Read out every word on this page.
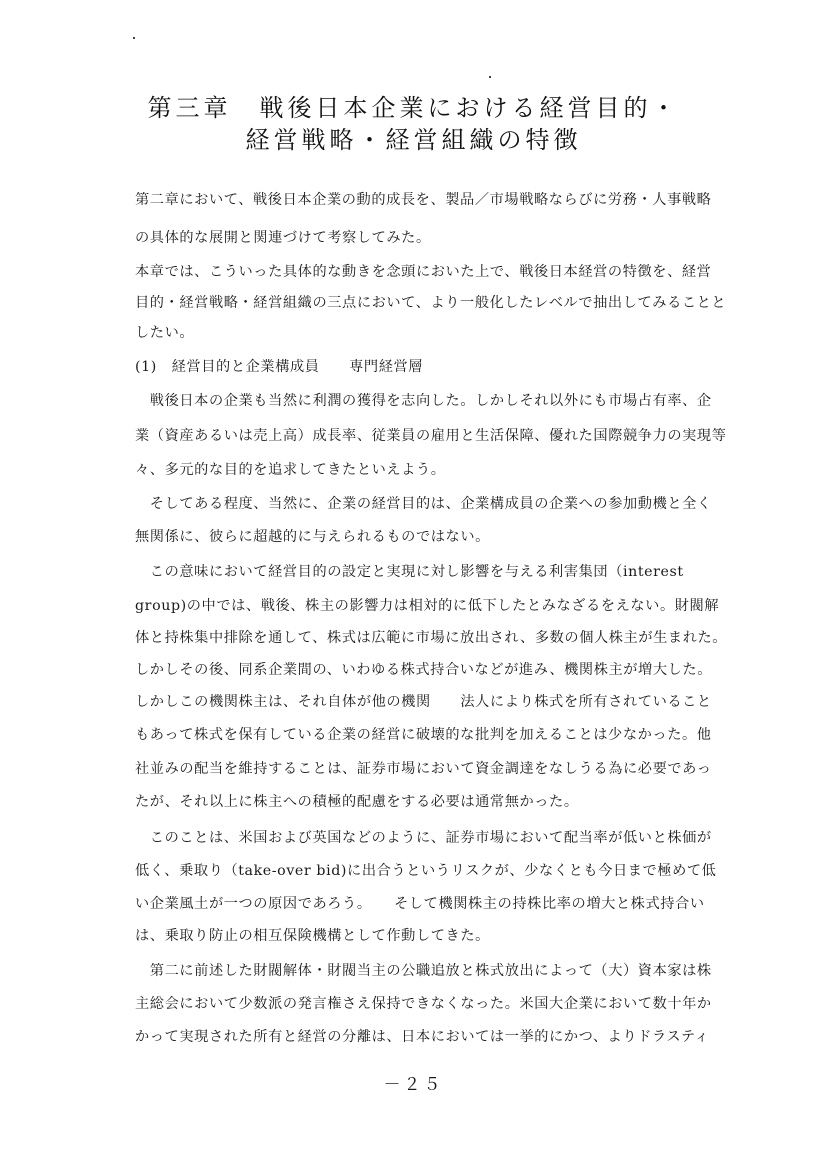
第三章　戦後日本企業における経営目的・
経営戦略・経営組織の特徴
第二章において、戦後日本企業の動的成長を、製品／市場戦略ならびに労務・人事戦略
の具体的な展開と関連づけて考察してみた。
本章では、こういった具体的な動きを念頭においた上で、戦後日本経営の特徴を、経営
目的・経営戦略・経営組織の三点において、より一般化したレベルで抽出してみることと
したい。
(1)　経営目的と企業構成員　　専門経営層
　戦後日本の企業も当然に利潤の獲得を志向した。しかしそれ以外にも市場占有率、企
業（資産あるいは売上高）成長率、従業員の雇用と生活保障、優れた国際競争力の実現等
々、多元的な目的を追求してきたといえよう。
　そしてある程度、当然に、企業の経営目的は、企業構成員の企業への参加動機と全く
無関係に、彼らに超越的に与えられるものではない。
　この意味において経営目的の設定と実現に対し影響を与える利害集団（interest
group)の中では、戦後、株主の影響力は相対的に低下したとみなざるをえない。財閥解
体と持株集中排除を通して、株式は広範に市場に放出され、多数の個人株主が生まれた。
しかしその後、同系企業間の、いわゆる株式持合いなどが進み、機関株主が増大した。
しかしこの機関株主は、それ自体が他の機関　　法人により株式を所有されていること
もあって株式を保有している企業の経営に破壊的な批判を加えることは少なかった。他
社並みの配当を維持することは、証券市場において資金調達をなしうる為に必要であっ
たが、それ以上に株主への積極的配慮をする必要は通常無かった。
　このことは、米国および英国などのように、証券市場において配当率が低いと株価が
低く、乗取り（take-over bid)に出合うというリスクが、少なくとも今日まで極めて低
い企業風土が一つの原因であろう。　　そして機関株主の持株比率の増大と株式持合い
は、乗取り防止の相互保険機構として作動してきた。
　第二に前述した財閥解体・財閥当主の公職追放と株式放出によって（大）資本家は株
主総会において少数派の発言権さえ保持できなくなった。米国大企業において数十年か
かって実現された所有と経営の分離は、日本においては一挙的にかつ、よりドラスティ
－２５
